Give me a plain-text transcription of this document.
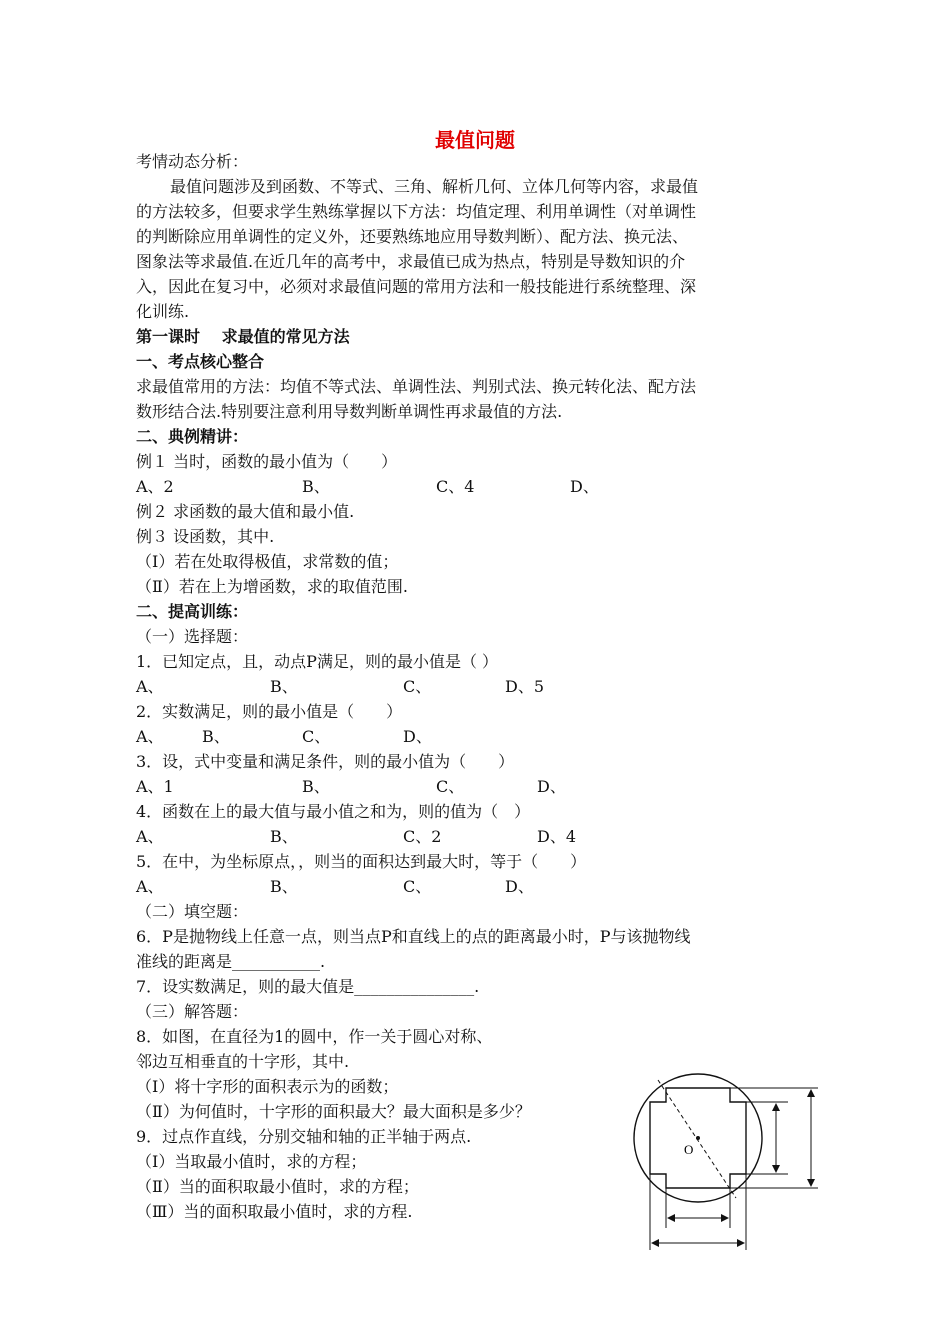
最值问题
考情动态分析：
最值问题涉及到函数、不等式、三角、解析几何、立体几何等内容，求最值
的方法较多，但要求学生熟练掌握以下方法：均值定理、利用单调性（对单调性
的判断除应用单调性的定义外，还要熟练地应用导数判断）、配方法、换元法、
图象法等求最值.在近几年的高考中，求最值已成为热点，特别是导数知识的介
入，因此在复习中，必须对求最值问题的常用方法和一般技能进行系统整理、深
化训练.
第一课时　 求最值的常见方法
一、考点核心整合
求最值常用的方法：均值不等式法、单调性法、判别式法、换元转化法、配方法
数形结合法.特别要注意利用导数判断单调性再求最值的方法.
二、典例精讲：
例１ 当时，函数的最小值为（　　）
A、2	B、	C、4	D、
例２ 求函数的最大值和最小值.
例３ 设函数，其中.
（Ⅰ）若在处取得极值，求常数的值；
（Ⅱ）若在上为增函数，求的取值范围.
二、提高训练：
（一）选择题：
1．已知定点，且，动点P满足，则的最小值是（ ）
A、	B、	C、	D、5
2．实数满足，则的最小值是（　　）
A、 B、	C、	D、
3．设，式中变量和满足条件，则的最小值为（　　）
A、1	B、	C、	D、
4．函数在上的最大值与最小值之和为，则的值为（　）
A、	B、	C、2	D、4
5．在中，为坐标原点，，则当的面积达到最大时，等于（　　）
A、	B、	C、	D、
（二）填空题：
6．P是抛物线上任意一点，则当点P和直线上的点的距离最小时，P与该抛物线
准线的距离是___________.
7．设实数满足，则的最大值是_______________.
（三）解答题：
8．如图，在直径为1的圆中，作一关于圆心对称、
邻边互相垂直的十字形，其中.
（Ⅰ）将十字形的面积表示为的函数；
（Ⅱ）为何值时，十字形的面积最大？最大面积是多少？
9．过点作直线，分别交轴和轴的正半轴于两点.
（Ⅰ）当取最小值时，求的方程；
（Ⅱ）当的面积取最小值时，求的方程；
（Ⅲ）当的面积取最小值时，求的方程.
O
